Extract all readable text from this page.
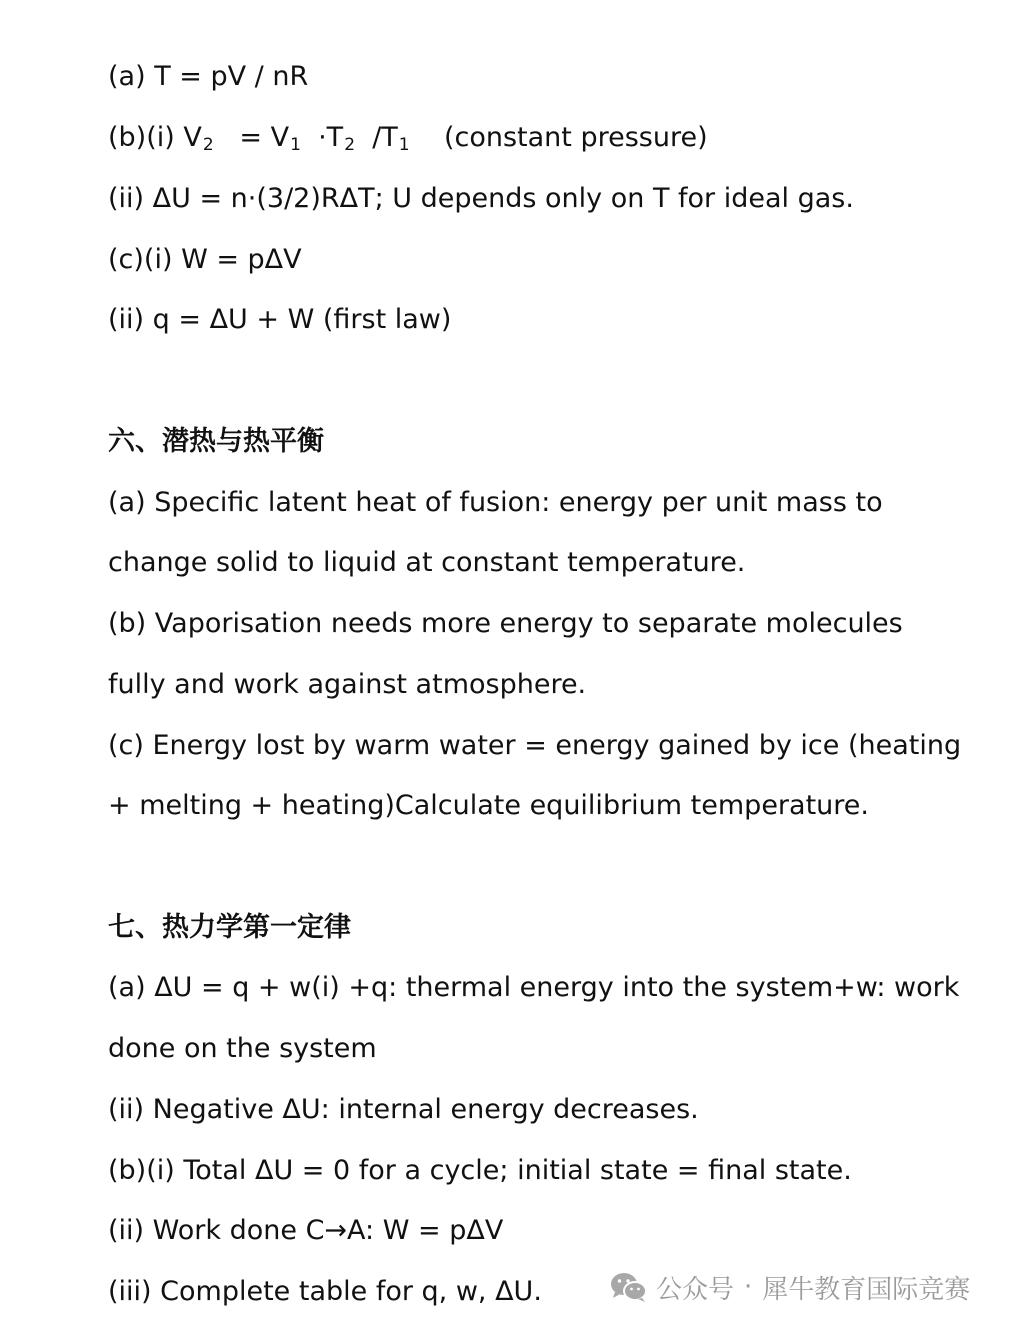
(a) T = pV / nR
(b)(i) $V_2 = V_1 \cdot T_2$  $/T_1$ (constant pressure)
(ii) ΔU = n·(3/2)RΔT; U depends only on T for ideal gas.
(c)(i) W = pΔV
(ii) q = ΔU + W (first law)
六、潜热与热平衡
(a) Specific latent heat of fusion: energy per unit mass to
change solid to liquid at constant temperature.
(b) Vaporisation needs more energy to separate molecules
fully and work against atmosphere.
(c) Energy lost by warm water = energy gained by ice (heating
+ melting + heating)Calculate equilibrium temperature.
七、热力学第一定律
(a) ΔU = q + w(i) +q: thermal energy into the system+w: work
done on the system
(ii) Negative ΔU: internal energy decreases.
(b)(i) Total ΔU = 0 for a cycle; initial state = final state.
(ii) Work done C→A: W = pΔV
(iii) Complete table for q, w, ΔU.	公众号 · 犀牛教育国际竞赛
